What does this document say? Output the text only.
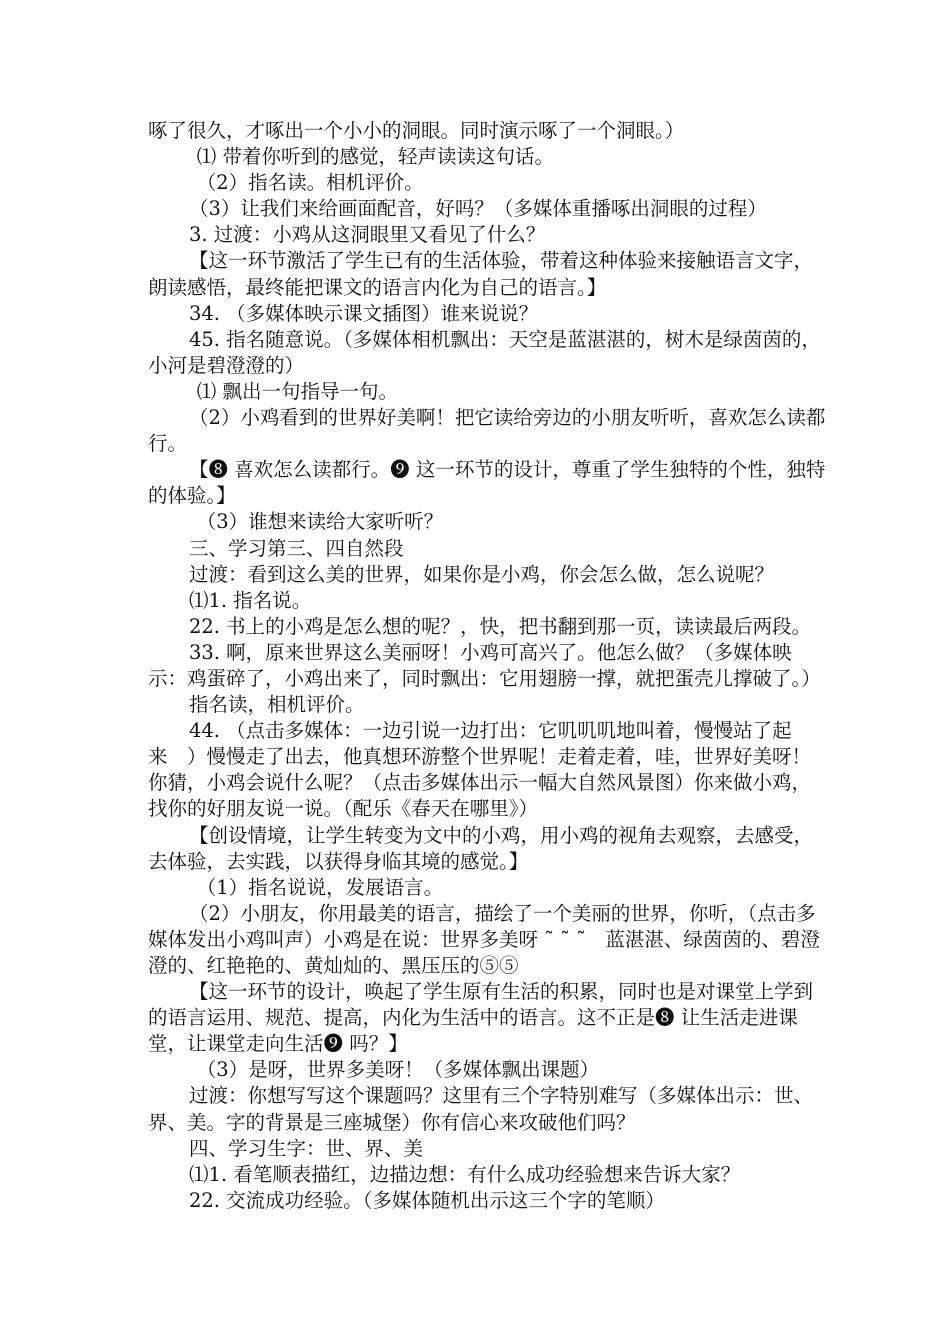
啄了很久，才啄出一个小小的洞眼。同时演示啄了一个洞眼。）

⑴ 带着你听到的感觉，轻声读读这句话。

（2）指名读。相机评价。

（3）让我们来给画面配音，好吗？（多媒体重播啄出洞眼的过程）

3. 过渡：小鸡从这洞眼里又看见了什么？

【这一环节激活了学生已有的生活体验，带着这种体验来接触语言文字，朗读感悟，最终能把课文的语言内化为自己的语言。】

34. （多媒体映示课文插图）谁来说说？

45. 指名随意说。（多媒体相机飘出：天空是蓝湛湛的，树木是绿茵茵的，小河是碧澄澄的）

⑴ 飘出一句指导一句。

（2）小鸡看到的世界好美啊！把它读给旁边的小朋友听听，喜欢怎么读都行。

【❽ 喜欢怎么读都行。❾ 这一环节的设计，尊重了学生独特的个性，独特的体验。】

（3）谁想来读给大家听听？

三、学习第三、四自然段

过渡：看到这么美的世界，如果你是小鸡，你会怎么做，怎么说呢？

⑴1. 指名说。

22. 书上的小鸡是怎么想的呢？，快，把书翻到那一页，读读最后两段。

33. 啊，原来世界这么美丽呀！小鸡可高兴了。他怎么做？（多媒体映示：鸡蛋碎了，小鸡出来了，同时飘出：它用翅膀一撑，就把蛋壳儿撑破了。）

指名读，相机评价。

44. （点击多媒体：一边引说一边打出：它叽叽叽地叫着，慢慢站了起来　）慢慢走了出去，他真想环游整个世界呢！走着走着，哇，世界好美呀！你猜，小鸡会说什么呢？（点击多媒体出示一幅大自然风景图）你来做小鸡，找你的好朋友说一说。（配乐《春天在哪里》）

【创设情境，让学生转变为文中的小鸡，用小鸡的视角去观察，去感受，去体验，去实践，以获得身临其境的感觉。】

（1）指名说说，发展语言。

（2）小朋友，你用最美的语言，描绘了一个美丽的世界，你听，（点击多媒体发出小鸡叫声）小鸡是在说：世界多美呀 ˜ ˜ ˜　蓝湛湛、绿茵茵的、碧澄澄的、红艳艳的、黄灿灿的、黑压压的⑤⑤

【这一环节的设计，唤起了学生原有生活的积累，同时也是对课堂上学到的语言运用、规范、提高，内化为生活中的语言。这不正是❽ 让生活走进课堂，让课堂走向生活❾ 吗？】

（3）是呀，世界多美呀！（多媒体飘出课题）

过渡：你想写写这个课题吗？这里有三个字特别难写（多媒体出示：世、界、美。字的背景是三座城堡）你有信心来攻破他们吗？

四、学习生字：世、界、美

⑴1. 看笔顺表描红，边描边想：有什么成功经验想来告诉大家？

22. 交流成功经验。（多媒体随机出示这三个字的笔顺）
